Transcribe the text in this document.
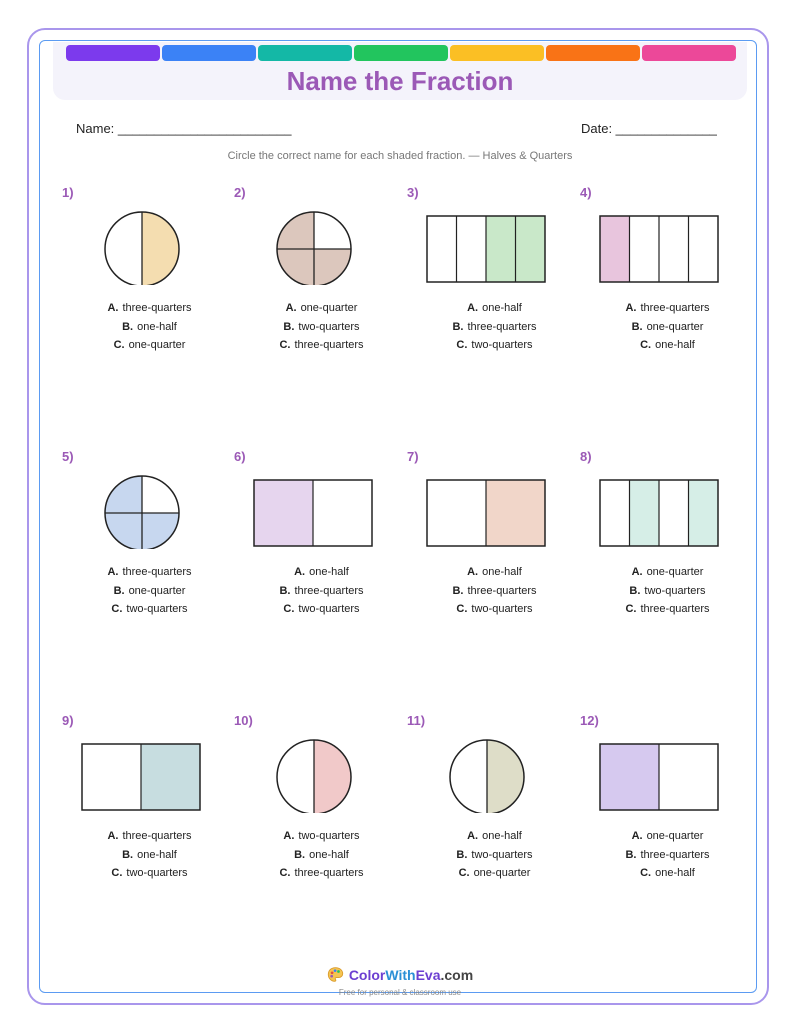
Name the Fraction
Name: ________________________	Date: ______________
Circle the correct name for each shaded fraction. — Halves & Quarters
1)
A. three-quarters
B. one-half
C. one-quarter
2)
A. one-quarter
B. two-quarters
C. three-quarters
3)
A. one-half
B. three-quarters
C. two-quarters
4)
A. three-quarters
B. one-quarter
C. one-half
5)
A. three-quarters
B. one-quarter
C. two-quarters
6)
A. one-half
B. three-quarters
C. two-quarters
7)
A. one-half
B. three-quarters
C. two-quarters
8)
A. one-quarter
B. two-quarters
C. three-quarters
9)
A. three-quarters
B. one-half
C. two-quarters
10)
A. two-quarters
B. one-half
C. three-quarters
11)
A. one-half
B. two-quarters
C. one-quarter
12)
A. one-quarter
B. three-quarters
C. one-half
ColorWithEva.com
Free for personal & classroom use
